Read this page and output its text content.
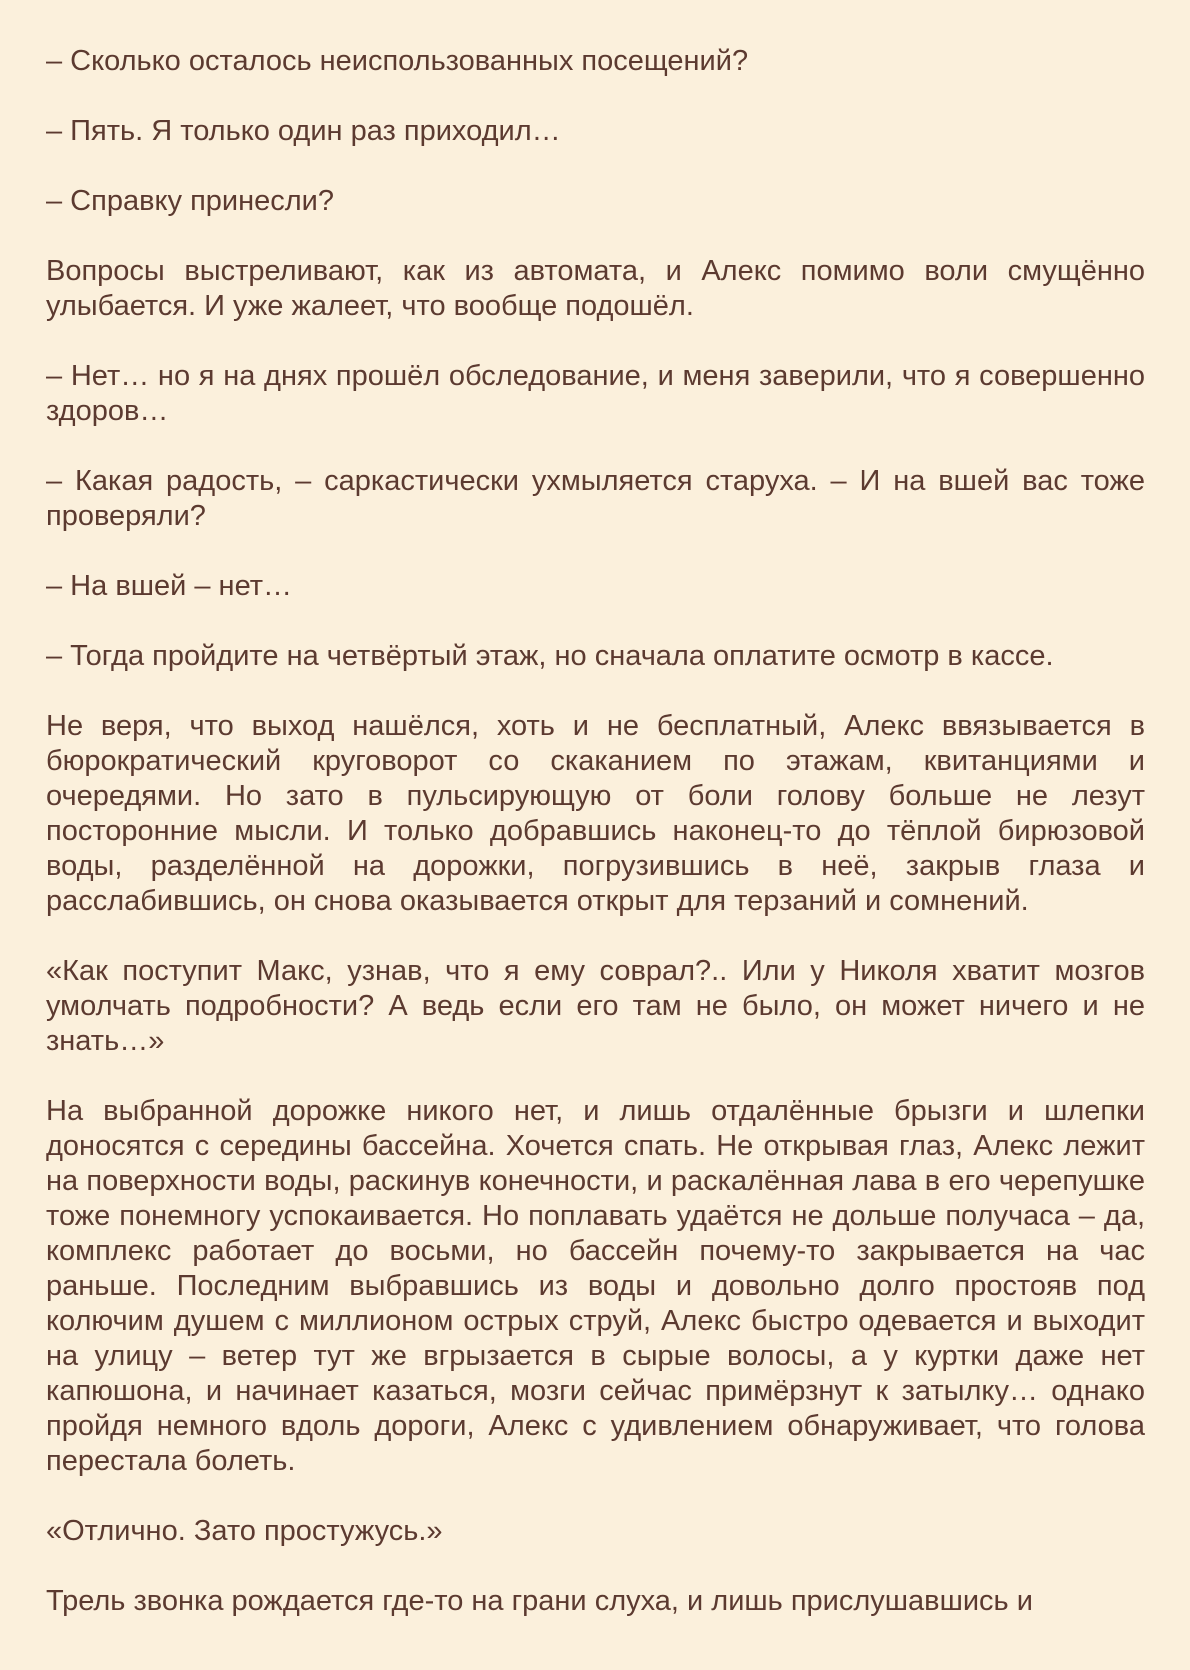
– Сколько осталось неиспользованных посещений?

– Пять. Я только один раз приходил…

– Справку принесли?

Вопросы выстреливают, как из автомата, и Алекс помимо воли смущённо улыбается. И уже жалеет, что вообще подошёл.

– Нет… но я на днях прошёл обследование, и меня заверили, что я совершенно здоров…

– Какая радость, – саркастически ухмыляется старуха. – И на вшей вас тоже проверяли?

– На вшей – нет…

– Тогда пройдите на четвёртый этаж, но сначала оплатите осмотр в кассе.

Не веря, что выход нашёлся, хоть и не бесплатный, Алекс ввязывается в бюрократический круговорот со скаканием по этажам, квитанциями и очередями. Но зато в пульсирующую от боли голову больше не лезут посторонние мысли. И только добравшись наконец-то до тёплой бирюзовой воды, разделённой на дорожки, погрузившись в неё, закрыв глаза и расслабившись, он снова оказывается открыт для терзаний и сомнений.

«Как поступит Макс, узнав, что я ему соврал?.. Или у Николя хватит мозгов умолчать подробности? А ведь если его там не было, он может ничего и не знать…»

На выбранной дорожке никого нет, и лишь отдалённые брызги и шлепки доносятся с середины бассейна. Хочется спать. Не открывая глаз, Алекс лежит на поверхности воды, раскинув конечности, и раскалённая лава в его черепушке тоже понемногу успокаивается. Но поплавать удаётся не дольше получаса – да, комплекс работает до восьми, но бассейн почему-то закрывается на час раньше. Последним выбравшись из воды и довольно долго простояв под колючим душем с миллионом острых струй, Алекс быстро одевается и выходит на улицу – ветер тут же вгрызается в сырые волосы, а у куртки даже нет капюшона, и начинает казаться, мозги сейчас примёрзнут к затылку… однако пройдя немного вдоль дороги, Алекс с удивлением обнаруживает, что голова перестала болеть.

«Отлично. Зато простужусь.»

Трель звонка рождается где-то на грани слуха, и лишь прислушавшись и
